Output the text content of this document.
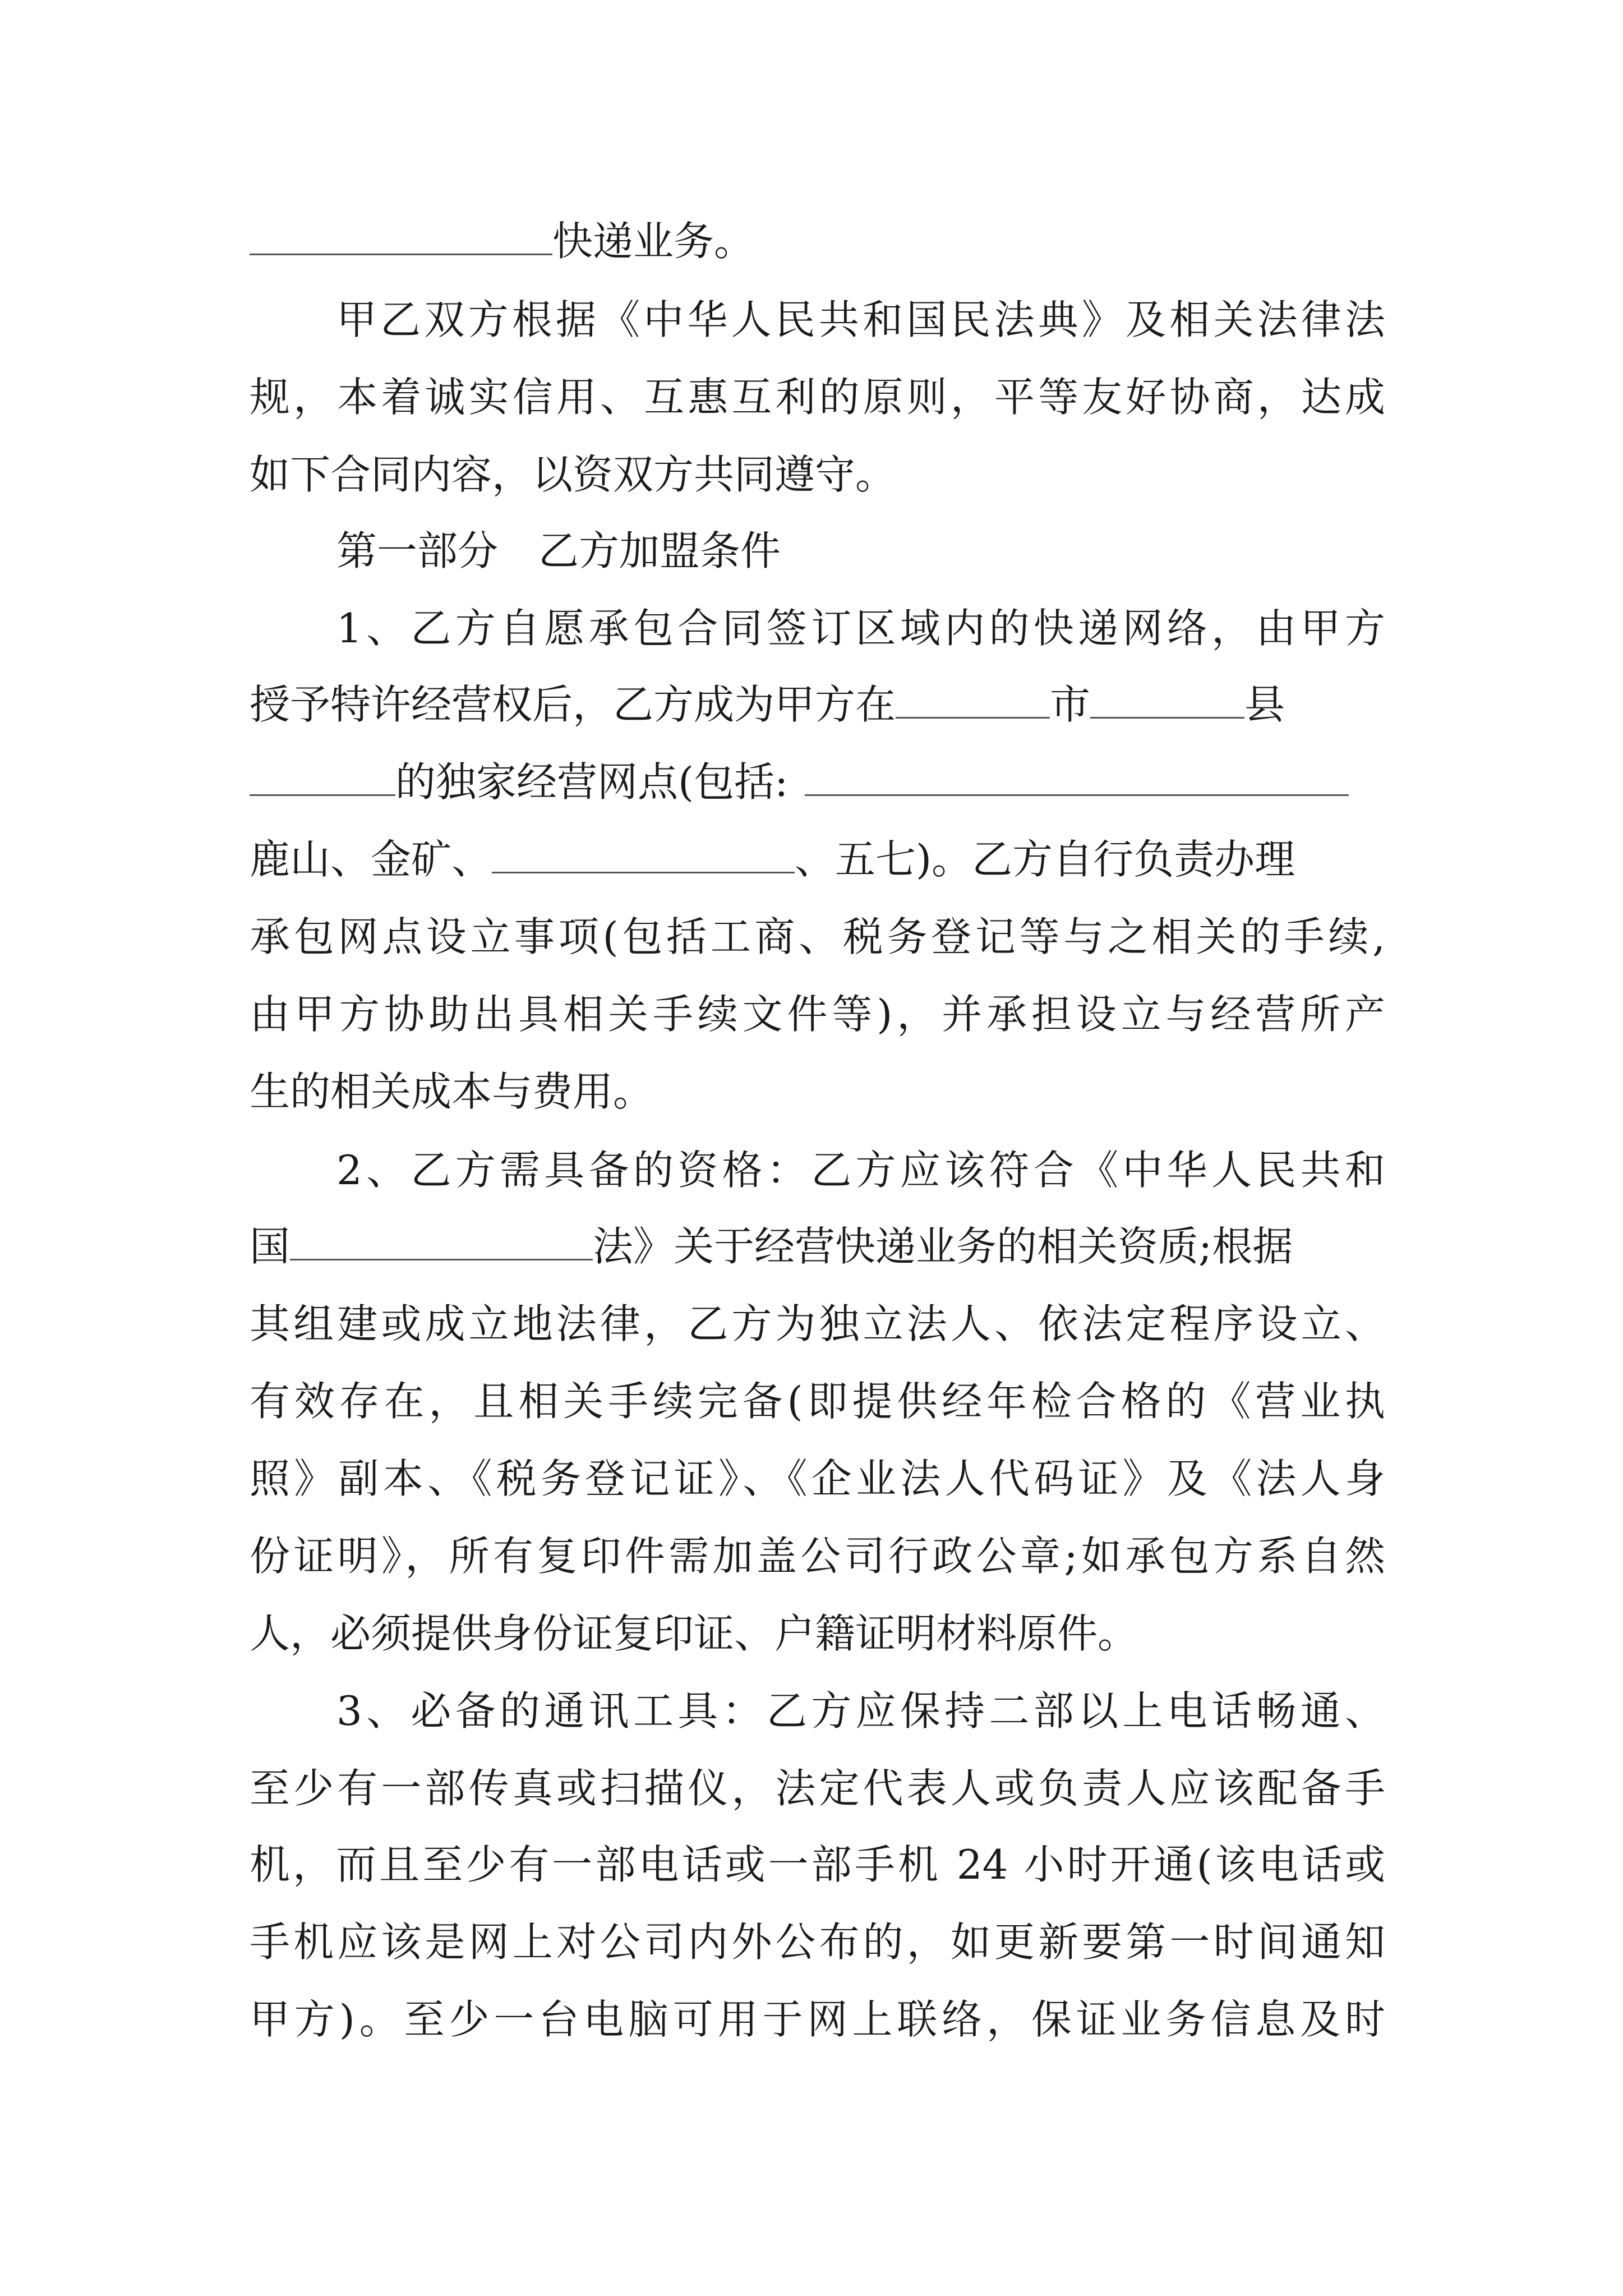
快递业务。
甲乙双方根据《中华人民共和国民法典》及相关法律法
规，本着诚实信用、互惠互利的原则，平等友好协商，达成
如下合同内容，以资双方共同遵守。
第一部分　乙方加盟条件
1、乙方自愿承包合同签订区域内的快递网络，由甲方
授予特许经营权后，乙方成为甲方在	市	县
的独家经营网点(包括:
鹿山、金矿、	、五七)。乙方自行负责办理
承包网点设立事项(包括工商、税务登记等与之相关的手续,
由甲方协助出具相关手续文件等)，并承担设立与经营所产
生的相关成本与费用。
2、乙方需具备的资格：乙方应该符合《中华人民共和
国	法》关于经营快递业务的相关资质;根据
其组建或成立地法律，乙方为独立法人、依法定程序设立、
有效存在，且相关手续完备(即提供经年检合格的《营业执
照》副本、《税务登记证》、《企业法人代码证》及《法人身
份证明》，所有复印件需加盖公司行政公章;如承包方系自然
人，必须提供身份证复印证、户籍证明材料原件。
3、必备的通讯工具：乙方应保持二部以上电话畅通、
至少有一部传真或扫描仪，法定代表人或负责人应该配备手
机，而且至少有一部电话或一部手机 24 小时开通(该电话或
手机应该是网上对公司内外公布的，如更新要第一时间通知
甲方)。至少一台电脑可用于网上联络，保证业务信息及时
